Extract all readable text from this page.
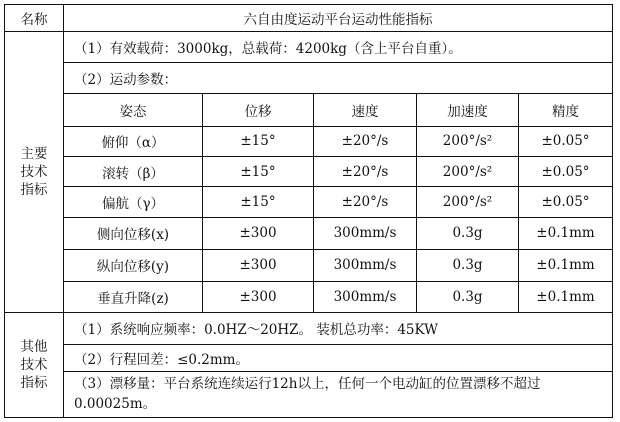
名称	六自由度运动平台运动性能指标				

主要
技术
指标	（1）有效载荷：3000kg，总载荷：4200kg（含上平台自重）。				
	（2）运动参数：				
	姿态	位移	速度	加速度	精度
	俯仰（α）	±15°	±20°/s	200°/s²	±0.05°
	滚转（β）	±15°	±20°/s	200°/s²	±0.05°
	偏航（γ）	±15°	±20°/s	200°/s²	±0.05°
	侧向位移(x)	±300	300mm/s	0.3g	±0.1mm
	纵向位移(y)	±300	300mm/s	0.3g	±0.1mm
	垂直升降(z)	±300	300mm/s	0.3g	±0.1mm

其他
技术
指标	（1）系统响应频率：0.0HZ～20HZ。 装机总功率：45KW				
	（2）行程回差：≤0.2mm。				
	（3）漂移量：平台系统连续运行12h以上，任何一个电动缸的位置漂移不超过0.00025m。				
